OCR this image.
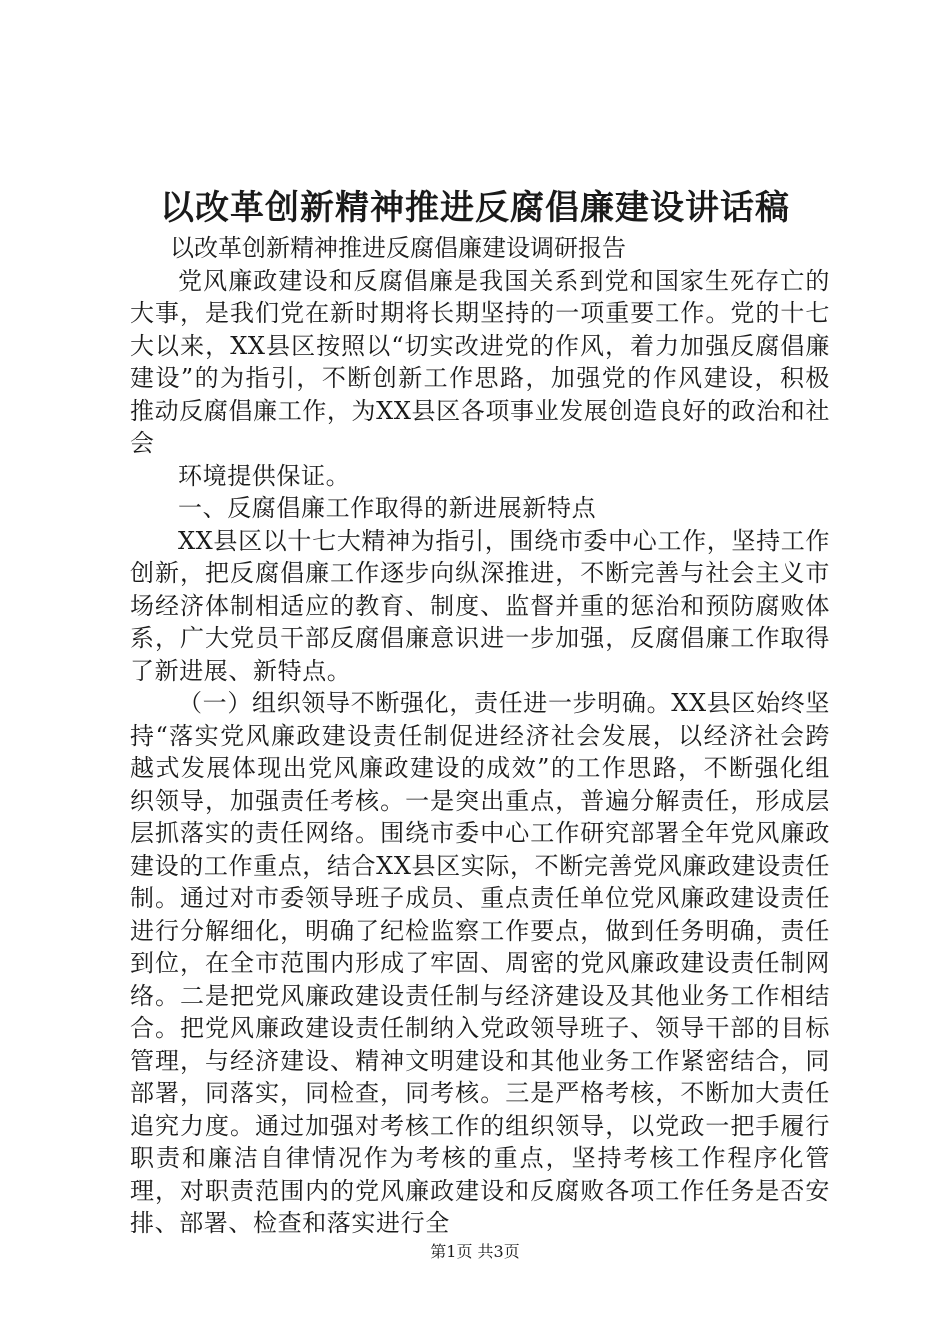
以改革创新精神推进反腐倡廉建设讲话稿

以改革创新精神推进反腐倡廉建设调研报告

党风廉政建设和反腐倡廉是我国关系到党和国家生死存亡的大事，是我们党在新时期将长期坚持的一项重要工作。党的十七大以来，XX县区按照以“切实改进党的作风，着力加强反腐倡廉建设”的为指引，不断创新工作思路，加强党的作风建设，积极推动反腐倡廉工作，为XX县区各项事业发展创造良好的政治和社会

环境提供保证。

一、反腐倡廉工作取得的新进展新特点

XX县区以十七大精神为指引，围绕市委中心工作，坚持工作创新，把反腐倡廉工作逐步向纵深推进，不断完善与社会主义市场经济体制相适应的教育、制度、监督并重的惩治和预防腐败体系，广大党员干部反腐倡廉意识进一步加强，反腐倡廉工作取得了新进展、新特点。

（一）组织领导不断强化，责任进一步明确。XX县区始终坚持“落实党风廉政建设责任制促进经济社会发展，以经济社会跨越式发展体现出党风廉政建设的成效”的工作思路，不断强化组织领导，加强责任考核。一是突出重点，普遍分解责任，形成层层抓落实的责任网络。围绕市委中心工作研究部署全年党风廉政建设的工作重点，结合XX县区实际，不断完善党风廉政建设责任制。通过对市委领导班子成员、重点责任单位党风廉政建设责任进行分解细化，明确了纪检监察工作要点，做到任务明确，责任到位，在全市范围内形成了牢固、周密的党风廉政建设责任制网络。二是把党风廉政建设责任制与经济建设及其他业务工作相结合。把党风廉政建设责任制纳入党政领导班子、领导干部的目标管理，与经济建设、精神文明建设和其他业务工作紧密结合，同部署，同落实，同检查，同考核。三是严格考核，不断加大责任追究力度。通过加强对考核工作的组织领导，以党政一把手履行职责和廉洁自律情况作为考核的重点，坚持考核工作程序化管理，对职责范围内的党风廉政建设和反腐败各项工作任务是否安排、部署、检查和落实进行全

第1页 共3页
